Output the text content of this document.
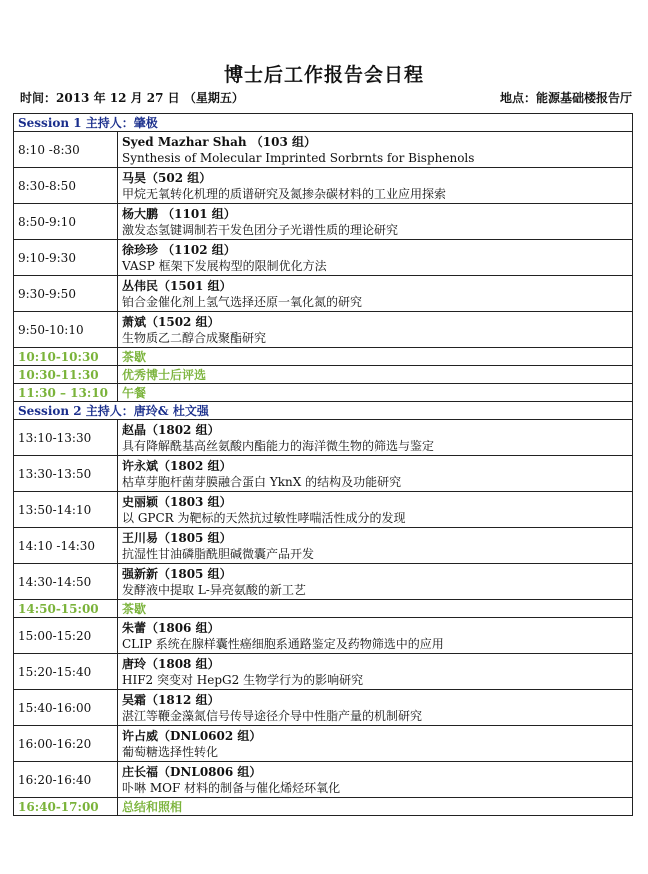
博士后工作报告会日程
时间：2013 年 12 月 27 日 （星期五）	地点：能源基础楼报告厅
Session 1 主持人：肇极	
8:10 -8:30	Syed Mazhar Shah （103 组）
Synthesis of Molecular Imprinted Sorbrnts for Bisphenols

8:30-8:50	马昊（502 组）
甲烷无氧转化机理的质谱研究及氮掺杂碳材料的工业应用探索

8:50-9:10	杨大鹏 （1101 组）
激发态氢键调制若干发色团分子光谱性质的理论研究

9:10-9:30	徐珍珍 （1102 组）
VASP 框架下发展构型的限制优化方法

9:30-9:50	丛伟民（1501 组）
铂合金催化剂上氢气选择还原一氧化氮的研究

9:50-10:10	萧斌（1502 组）
生物质乙二醇合成聚酯研究

10:10-10:30	茶歇
10:30-11:30	优秀博士后评选
11:30 – 13:10	午餐
Session 2 主持人：唐玲& 杜文强	
13:10-13:30	赵晶（1802 组）
具有降解酰基高丝氨酸内酯能力的海洋微生物的筛选与鉴定

13:30-13:50	许永斌（1802 组）
枯草芽胞杆菌芽膜融合蛋白 YknX 的结构及功能研究

13:50-14:10	史丽颖（1803 组）
以 GPCR 为靶标的天然抗过敏性哮喘活性成分的发现

14:10 -14:30	王川易（1805 组）
抗湿性甘油磷脂酰胆碱微囊产品开发

14:30-14:50	强新新（1805 组）
发酵液中提取 L-异亮氨酸的新工艺

14:50-15:00	茶歇
15:00-15:20	朱蕾（1806 组）
CLIP 系统在腺样囊性癌细胞系通路鉴定及药物筛选中的应用

15:20-15:40	唐玲（1808 组）
HIF2 突变对 HepG2 生物学行为的影响研究

15:40-16:00	吴霜（1812 组）
湛江等鞭金藻氮信号传导途径介导中性脂产量的机制研究

16:00-16:20	许占威（DNL0602 组）
葡萄糖选择性转化

16:20-16:40	庄长福（DNL0806 组）
卟啉 MOF 材料的制备与催化烯烃环氧化

16:40-17:00	总结和照相
